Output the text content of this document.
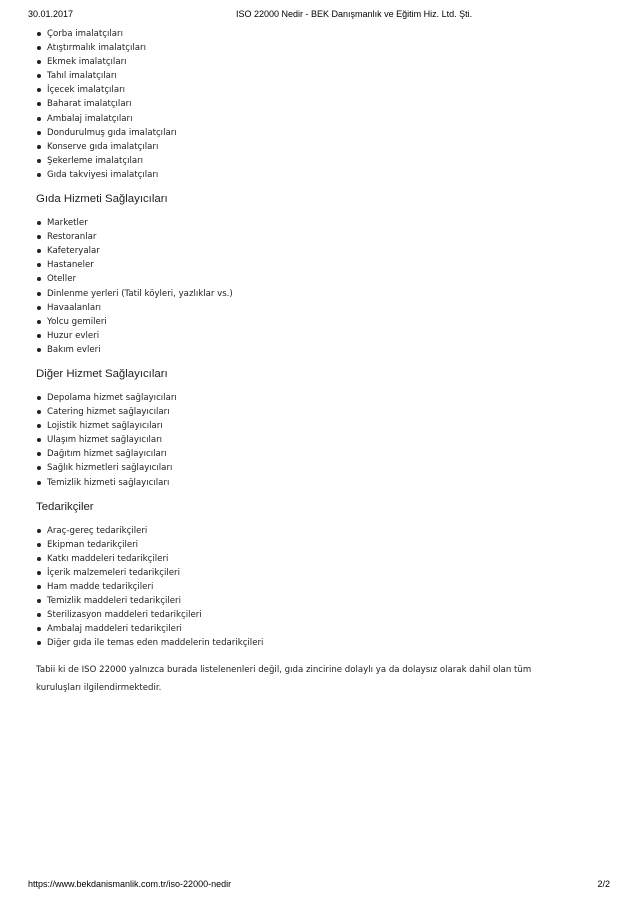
30.01.2017	ISO 22000 Nedir - BEK Danışmanlık ve Eğitim Hiz. Ltd. Şti.
Çorba imalatçıları
Atıştırmalık imalatçıları
Ekmek imalatçıları
Tahıl imalatçıları
İçecek imalatçıları
Baharat imalatçıları
Ambalaj imalatçıları
Dondurulmuş gıda imalatçıları
Konserve gıda imalatçıları
Şekerleme imalatçıları
Gıda takviyesi imalatçıları
Gıda Hizmeti Sağlayıcıları
Marketler
Restoranlar
Kafeteryalar
Hastaneler
Oteller
Dinlenme yerleri (Tatil köyleri, yazlıklar vs.)
Havaalanları
Yolcu gemileri
Huzur evleri
Bakım evleri
Diğer Hizmet Sağlayıcıları
Depolama hizmet sağlayıcıları
Catering hizmet sağlayıcıları
Lojistik hizmet sağlayıcıları
Ulaşım hizmet sağlayıcıları
Dağıtım hizmet sağlayıcıları
Sağlık hizmetleri sağlayıcıları
Temizlik hizmeti sağlayıcıları
Tedarikçiler
Araç-gereç tedarikçileri
Ekipman tedarikçileri
Katkı maddeleri tedarikçileri
İçerik malzemeleri tedarikçileri
Ham madde tedarikçileri
Temizlik maddeleri tedarikçileri
Sterilizasyon maddeleri tedarikçileri
Ambalaj maddeleri tedarikçileri
Diğer gıda ile temas eden maddelerin tedarikçileri

Tabii ki de ISO 22000 yalnızca burada listelenenleri değil, gıda zincirine dolaylı ya da dolaysız olarak dahil olan tüm kuruluşları ilgilendirmektedir.

https://www.bekdanismanlik.com.tr/iso-22000-nedir	2/2
